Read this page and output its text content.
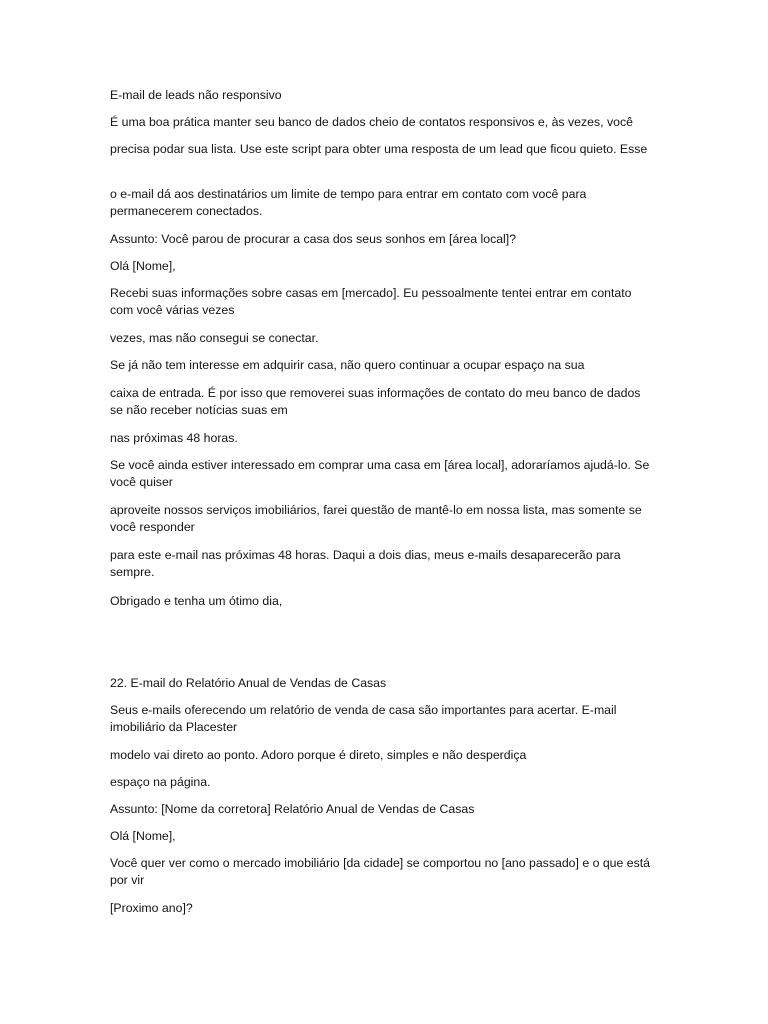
E-mail de leads não responsivo

É uma boa prática manter seu banco de dados cheio de contatos responsivos e, às vezes, você

precisa podar sua lista. Use este script para obter uma resposta de um lead que ficou quieto. Esse

o e-mail dá aos destinatários um limite de tempo para entrar em contato com você para permanecerem conectados.

Assunto: Você parou de procurar a casa dos seus sonhos em [área local]?

Olá [Nome],

Recebi suas informações sobre casas em [mercado]. Eu pessoalmente tentei entrar em contato com você várias vezes

vezes, mas não consegui se conectar.

Se já não tem interesse em adquirir casa, não quero continuar a ocupar espaço na sua

caixa de entrada. É por isso que removerei suas informações de contato do meu banco de dados se não receber notícias suas em

nas próximas 48 horas.

Se você ainda estiver interessado em comprar uma casa em [área local], adoraríamos ajudá-lo. Se você quiser

aproveite nossos serviços imobiliários, farei questão de mantê-lo em nossa lista, mas somente se você responder

para este e-mail nas próximas 48 horas. Daqui a dois dias, meus e-mails desaparecerão para sempre.

Obrigado e tenha um ótimo dia,

22. E-mail do Relatório Anual de Vendas de Casas

Seus e-mails oferecendo um relatório de venda de casa são importantes para acertar. E-mail imobiliário da Placester

modelo vai direto ao ponto. Adoro porque é direto, simples e não desperdiça

espaço na página.

Assunto: [Nome da corretora] Relatório Anual de Vendas de Casas

Olá [Nome],

Você quer ver como o mercado imobiliário [da cidade] se comportou no [ano passado] e o que está por vir

[Proximo ano]?
